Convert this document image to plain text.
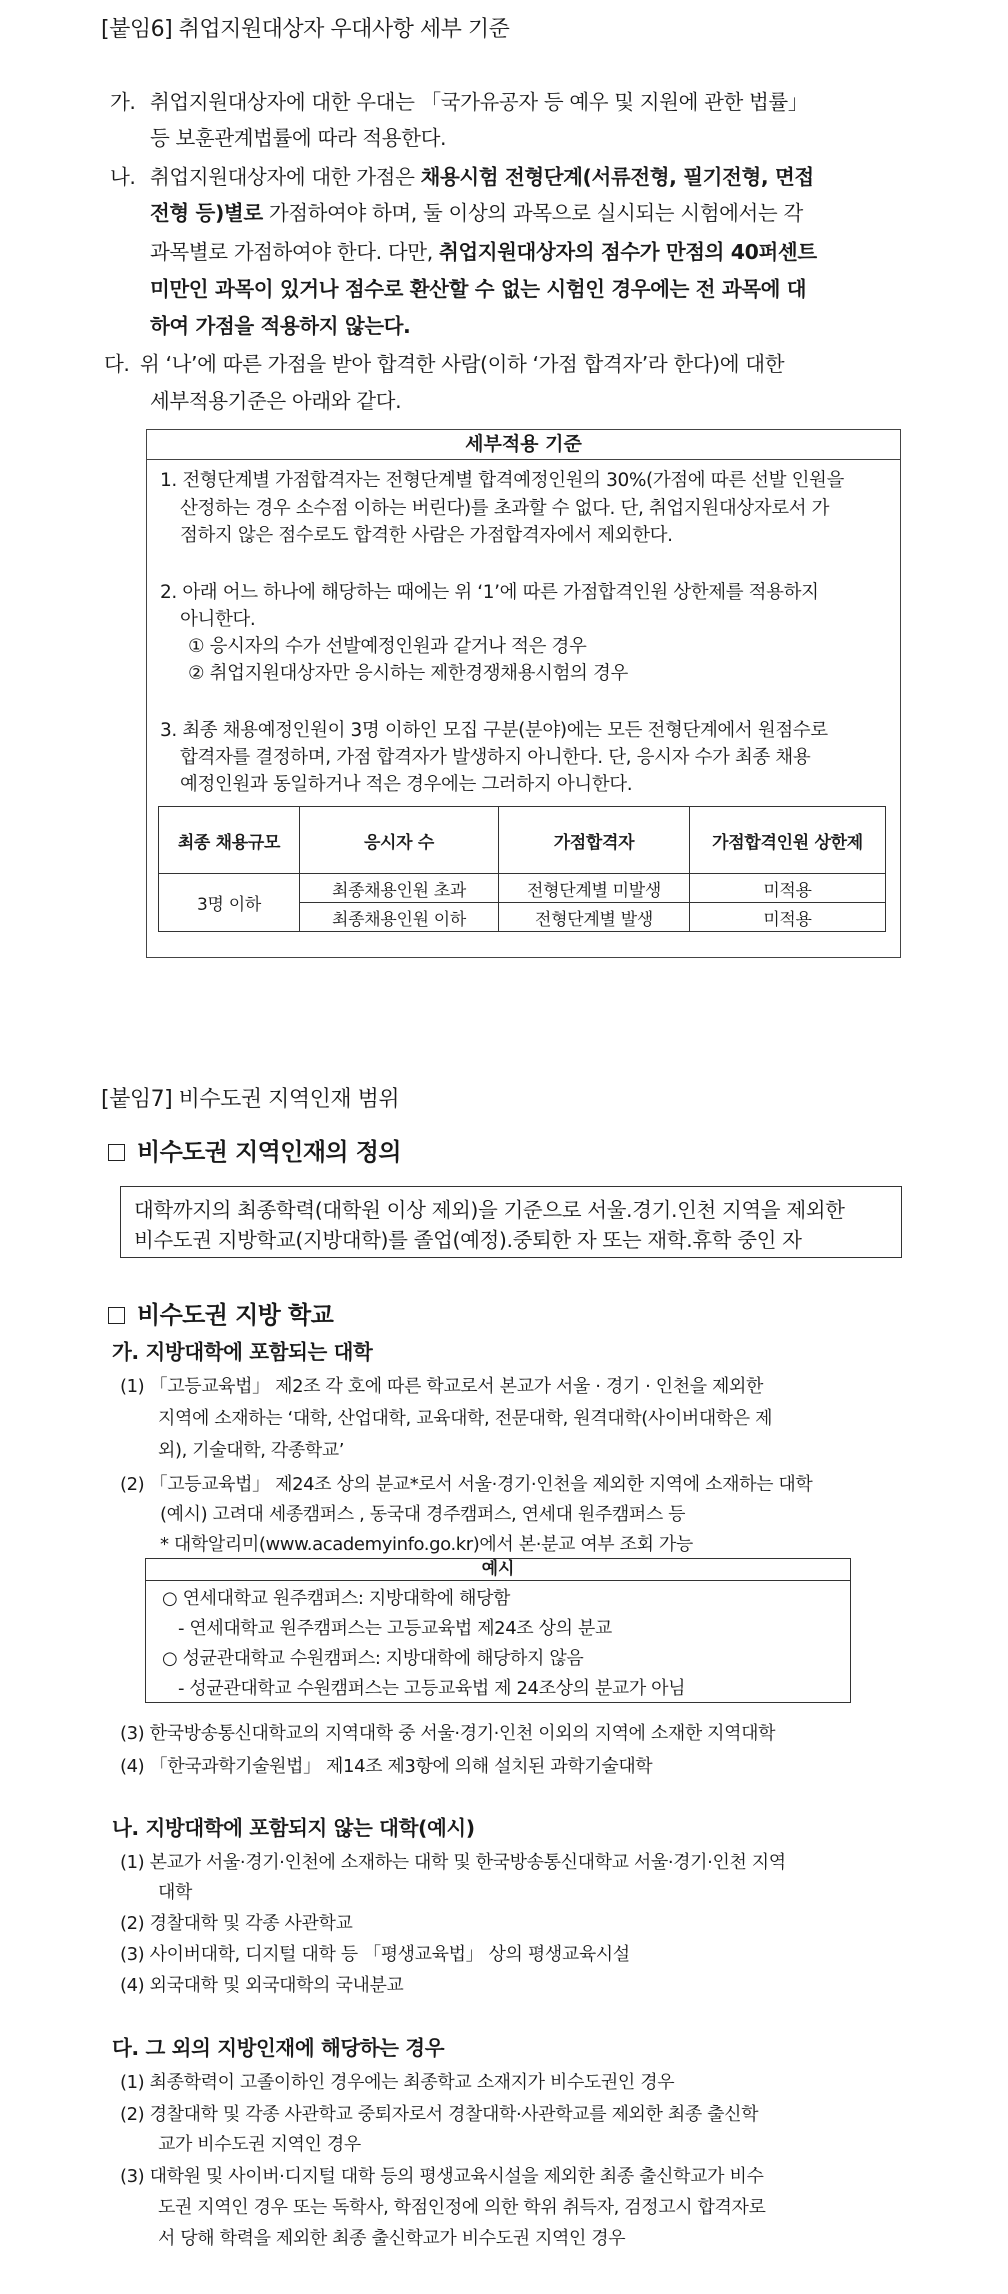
[붙임6] 취업지원대상자 우대사항 세부 기준
가. 취업지원대상자에 대한 우대는 「국가유공자 등 예우 및 지원에 관한 법률」
등 보훈관계법률에 따라 적용한다.
나. 취업지원대상자에 대한 가점은 채용시험 전형단계(서류전형, 필기전형, 면접
전형 등)별로 가점하여야 하며, 둘 이상의 과목으로 실시되는 시험에서는 각
과목별로 가점하여야 한다. 다만, 취업지원대상자의 점수가 만점의 40퍼센트
미만인 과목이 있거나 점수로 환산할 수 없는 시험인 경우에는 전 과목에 대
하여 가점을 적용하지 않는다.
다. 위 ‘나’에 따른 가점을 받아 합격한 사람(이하 ‘가점 합격자’라 한다)에 대한
세부적용기준은 아래와 같다.
세부적용 기준
1. 전형단계별 가점합격자는 전형단계별 합격예정인원의 30%(가점에 따른 선발 인원을
산정하는 경우 소수점 이하는 버린다)를 초과할 수 없다. 단, 취업지원대상자로서 가
점하지 않은 점수로도 합격한 사람은 가점합격자에서 제외한다.
2. 아래 어느 하나에 해당하는 때에는 위 ‘1’에 따른 가점합격인원 상한제를 적용하지
아니한다.
① 응시자의 수가 선발예정인원과 같거나 적은 경우
② 취업지원대상자만 응시하는 제한경쟁채용시험의 경우
3. 최종 채용예정인원이 3명 이하인 모집 구분(분야)에는 모든 전형단계에서 원점수로
합격자를 결정하며, 가점 합격자가 발생하지 아니한다. 단, 응시자 수가 최종 채용
예정인원과 동일하거나 적은 경우에는 그러하지 아니한다.
최종 채용규모	응시자 수	가점합격자	가점합격인원 상한제
3명 이하	최종채용인원 초과	전형단계별 미발생	미적용
	최종채용인원 이하	전형단계별 발생	미적용
[붙임7] 비수도권 지역인재 범위
비수도권 지역인재의 정의
대학까지의 최종학력(대학원 이상 제외)을 기준으로 서울.경기.인천 지역을 제외한
비수도권 지방학교(지방대학)를 졸업(예정).중퇴한 자 또는 재학.휴학 중인 자
비수도권 지방 학교
가. 지방대학에 포함되는 대학
(1) 「고등교육법」 제2조 각 호에 따른 학교로서 본교가 서울 · 경기 · 인천을 제외한
지역에 소재하는 ‘대학, 산업대학, 교육대학, 전문대학, 원격대학(사이버대학은 제
외), 기술대학, 각종학교’
(2) 「고등교육법」 제24조 상의 분교*로서 서울·경기·인천을 제외한 지역에 소재하는 대학
(예시) 고려대 세종캠퍼스 , 동국대 경주캠퍼스, 연세대 원주캠퍼스 등
* 대학알리미(www.academyinfo.go.kr)에서 본·분교 여부 조회 가능
예시
○ 연세대학교 원주캠퍼스: 지방대학에 해당함
- 연세대학교 원주캠퍼스는 고등교육법 제24조 상의 분교
○ 성균관대학교 수원캠퍼스: 지방대학에 해당하지 않음
- 성균관대학교 수원캠퍼스는 고등교육법 제 24조상의 분교가 아님
(3) 한국방송통신대학교의 지역대학 중 서울·경기·인천 이외의 지역에 소재한 지역대학
(4) 「한국과학기술원법」 제14조 제3항에 의해 설치된 과학기술대학
나. 지방대학에 포함되지 않는 대학(예시)
(1) 본교가 서울·경기·인천에 소재하는 대학 및 한국방송통신대학교 서울·경기·인천 지역
대학
(2) 경찰대학 및 각종 사관학교
(3) 사이버대학, 디지털 대학 등 「평생교육법」 상의 평생교육시설
(4) 외국대학 및 외국대학의 국내분교
다. 그 외의 지방인재에 해당하는 경우
(1) 최종학력이 고졸이하인 경우에는 최종학교 소재지가 비수도권인 경우
(2) 경찰대학 및 각종 사관학교 중퇴자로서 경찰대학·사관학교를 제외한 최종 출신학
교가 비수도권 지역인 경우
(3) 대학원 및 사이버·디지털 대학 등의 평생교육시설을 제외한 최종 출신학교가 비수
도권 지역인 경우 또는 독학사, 학점인정에 의한 학위 취득자, 검정고시 합격자로
서 당해 학력을 제외한 최종 출신학교가 비수도권 지역인 경우
